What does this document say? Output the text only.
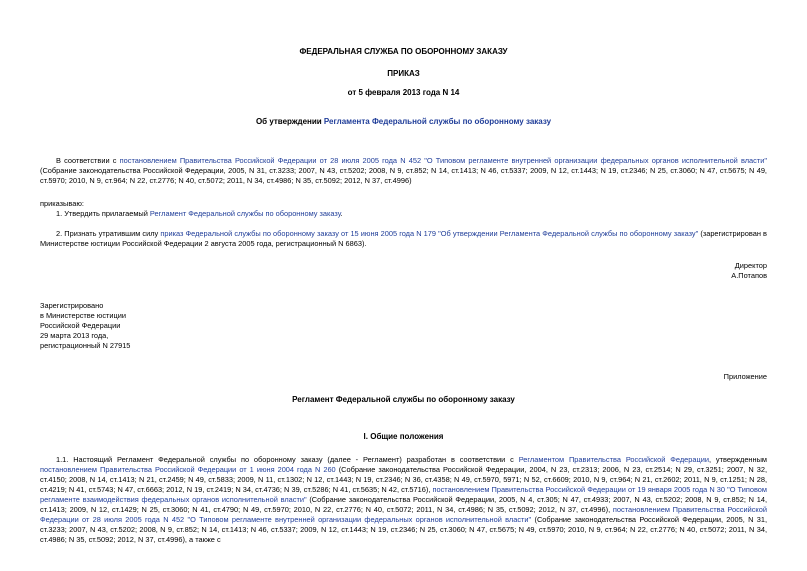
ФЕДЕРАЛЬНАЯ СЛУЖБА ПО ОБОРОННОМУ ЗАКАЗУ
ПРИКАЗ
от 5 февраля 2013 года N 14
Об утверждении Регламента Федеральной службы по оборонному заказу
В соответствии с постановлением Правительства Российской Федерации от 28 июля 2005 года N 452 "О Типовом регламенте внутренней организации федеральных органов исполнительной власти" (Собрание законодательства Российской Федерации, 2005, N 31, ст.3233; 2007, N 43, ст.5202; 2008, N 9, ст.852; N 14, ст.1413; N 46, ст.5337; 2009, N 12, ст.1443; N 19, ст.2346; N 25, ст.3060; N 47, ст.5675; N 49, ст.5970; 2010, N 9, ст.964; N 22, ст.2776; N 40, ст.5072; 2011, N 34, ст.4986; N 35, ст.5092; 2012, N 37, ст.4996)
приказываю:
1. Утвердить прилагаемый Регламент Федеральной службы по оборонному заказу.
2. Признать утратившим силу приказ Федеральной службы по оборонному заказу от 15 июня 2005 года N 179 "Об утверждении Регламента Федеральной службы по оборонному заказу" (зарегистрирован в Министерстве юстиции Российской Федерации 2 августа 2005 года, регистрационный N 6863).
Директор
А.Потапов
Зарегистрировано
в Министерстве юстиции
Российской Федерации
29 марта 2013 года,
регистрационный N 27915
Приложение
Регламент Федеральной службы по оборонному заказу
I. Общие положения
1.1. Настоящий Регламент Федеральной службы по оборонному заказу (далее - Регламент) разработан в соответствии с Регламентом Правительства Российской Федерации, утвержденным постановлением Правительства Российской Федерации от 1 июня 2004 года N 260 (Собрание законодательства Российской Федерации, 2004, N 23, ст.2313; 2006, N 23, ст.2514; N 29, ст.3251; 2007, N 32, ст.4150; 2008, N 14, ст.1413; N 21, ст.2459; N 49, ст.5833; 2009, N 11, ст.1302; N 12, ст.1443; N 19, ст.2346; N 36, ст.4358; N 49, ст.5970, 5971; N 52, ст.6609; 2010, N 9, ст.964; N 21, ст.2602; 2011, N 9, ст.1251; N 28, ст.4219; N 41, ст.5743; N 47, ст.6663; 2012, N 19, ст.2419; N 34, ст.4736; N 39, ст.5286; N 41, ст.5635; N 42, ст.5716), постановлением Правительства Российской Федерации от 19 января 2005 года N 30 "О Типовом регламенте взаимодействия федеральных органов исполнительной власти" (Собрание законодательства Российской Федерации, 2005, N 4, ст.305; N 47, ст.4933; 2007, N 43, ст.5202; 2008, N 9, ст.852; N 14, ст.1413; 2009, N 12, ст.1429; N 25, ст.3060; N 41, ст.4790; N 49, ст.5970; 2010, N 22, ст.2776; N 40, ст.5072; 2011, N 34, ст.4986; N 35, ст.5092; 2012, N 37, ст.4996), постановлением Правительства Российской Федерации от 28 июля 2005 года N 452 "О Типовом регламенте внутренней организации федеральных органов исполнительной власти" (Собрание законодательства Российской Федерации, 2005, N 31, ст.3233; 2007, N 43, ст.5202; 2008, N 9, ст.852; N 14, ст.1413; N 46, ст.5337; 2009, N 12, ст.1443; N 19, ст.2346; N 25, ст.3060; N 47, ст.5675; N 49, ст.5970; 2010, N 9, ст.964; N 22, ст.2776; N 40, ст.5072; 2011, N 34, ст.4986; N 35, ст.5092; 2012, N 37, ст.4996), а также с
